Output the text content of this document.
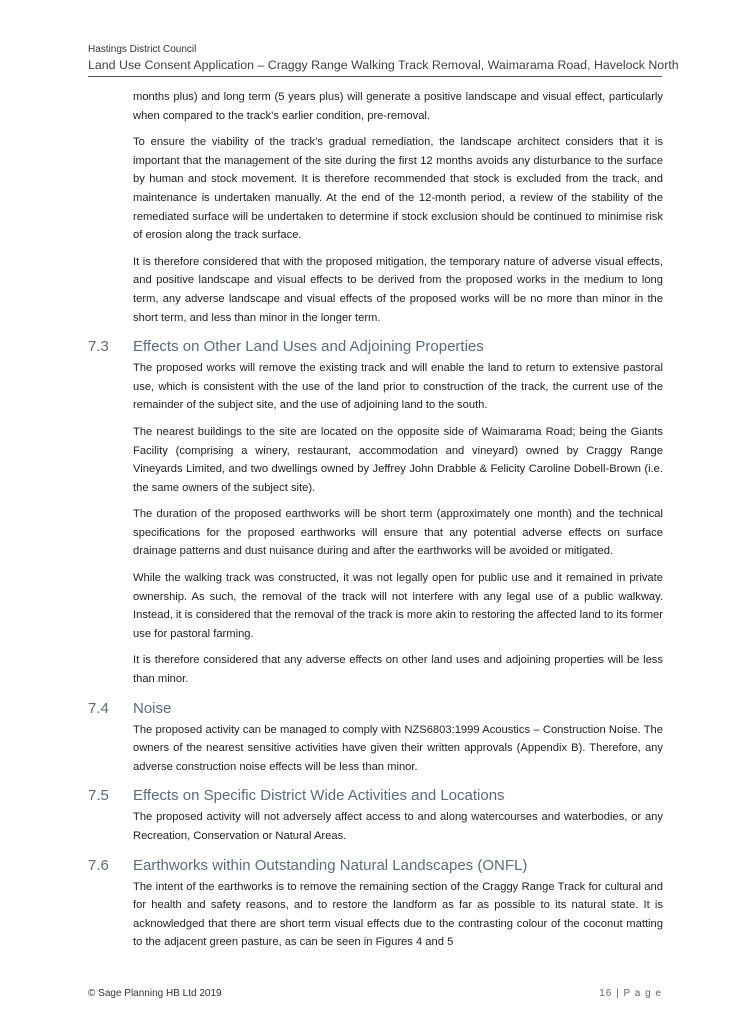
Hastings District Council
Land Use Consent Application – Craggy Range Walking Track Removal, Waimarama Road, Havelock North

months plus) and long term (5 years plus) will generate a positive landscape and visual effect, particularly when compared to the track’s earlier condition, pre-removal.

To ensure the viability of the track’s gradual remediation, the landscape architect considers that it is important that the management of the site during the first 12 months avoids any disturbance to the surface by human and stock movement. It is therefore recommended that stock is excluded from the track, and maintenance is undertaken manually. At the end of the 12-month period, a review of the stability of the remediated surface will be undertaken to determine if stock exclusion should be continued to minimise risk of erosion along the track surface.

It is therefore considered that with the proposed mitigation, the temporary nature of adverse visual effects, and positive landscape and visual effects to be derived from the proposed works in the medium to long term, any adverse landscape and visual effects of the proposed works will be no more than minor in the short term, and less than minor in the longer term.

7.3	Effects on Other Land Uses and Adjoining Properties

The proposed works will remove the existing track and will enable the land to return to extensive pastoral use, which is consistent with the use of the land prior to construction of the track, the current use of the remainder of the subject site, and the use of adjoining land to the south.

The nearest buildings to the site are located on the opposite side of Waimarama Road; being the Giants Facility (comprising a winery, restaurant, accommodation and vineyard) owned by Craggy Range Vineyards Limited, and two dwellings owned by Jeffrey John Drabble & Felicity Caroline Dobell-Brown (i.e. the same owners of the subject site).

The duration of the proposed earthworks will be short term (approximately one month) and the technical specifications for the proposed earthworks will ensure that any potential adverse effects on surface drainage patterns and dust nuisance during and after the earthworks will be avoided or mitigated.

While the walking track was constructed, it was not legally open for public use and it remained in private ownership. As such, the removal of the track will not interfere with any legal use of a public walkway. Instead, it is considered that the removal of the track is more akin to restoring the affected land to its former use for pastoral farming.

It is therefore considered that any adverse effects on other land uses and adjoining properties will be less than minor.

7.4	Noise

The proposed activity can be managed to comply with NZS6803:1999 Acoustics – Construction Noise. The owners of the nearest sensitive activities have given their written approvals (Appendix B). Therefore, any adverse construction noise effects will be less than minor.

7.5	Effects on Specific District Wide Activities and Locations

The proposed activity will not adversely affect access to and along watercourses and waterbodies, or any Recreation, Conservation or Natural Areas.

7.6	Earthworks within Outstanding Natural Landscapes (ONFL)

The intent of the earthworks is to remove the remaining section of the Craggy Range Track for cultural and for health and safety reasons, and to restore the landform as far as possible to its natural state. It is acknowledged that there are short term visual effects due to the contrasting colour of the coconut matting to the adjacent green pasture, as can be seen in Figures 4 and 5

© Sage Planning HB Ltd 2019	16 | P a g e
